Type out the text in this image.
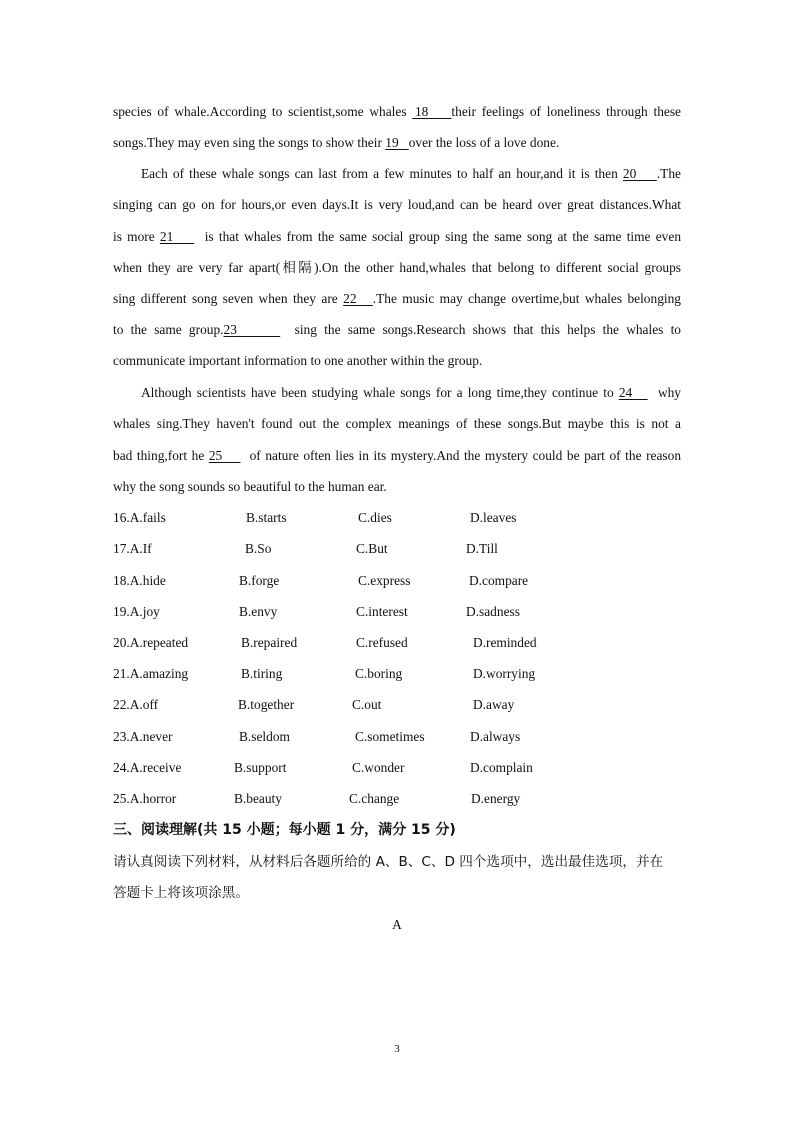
species of whale.According to scientist,some whales  18 their feelings of loneliness through these
songs.They may even sing the songs to show their 19 over the loss of a love done.
Each of these whale songs can last from a few minutes to half an hour,and it is then 20 .The
singing can go on for hours,or even days.It is very loud,and can be heard over great distances.What
is more 21 is that whales from the same social group sing the same song at the same time even
when they are very far apart(相隔).On the other hand,whales that belong to different social groups
sing different song seven when they are 22 .The music may change overtime,but whales belonging
to the same group.23	sing the same songs.Research shows that this helps the whales to
communicate important information to one another within the group.
Although scientists have been studying whale songs for a long time,they continue to 24 why
whales sing.They haven't found out the complex meanings of these songs.But maybe this is not a
bad thing,fort he 25 of nature often lies in its mystery.And the mystery could be part of the reason
why the song sounds so beautiful to the human ear.
16.A.fails	B.starts	C.dies	D.leaves
17.A.If	B.So	C.But	D.Till
18.A.hide	B.forge	C.express	D.compare
19.A.joy	B.envy	C.interest	D.sadness
20.A.repeated	B.repaired	C.refused	D.reminded
21.A.amazing	B.tiring	C.boring	D.worrying
22.A.off	B.together	C.out	D.away
23.A.never	B.seldom	C.sometimes	D.always
24.A.receive	B.support	C.wonder	D.complain
25.A.horror	B.beauty	C.change	D.energy
三、阅读理解(共 15 小题；每小题 1 分，满分 15 分)
请认真阅读下列材料，从材料后各题所给的 A、B、C、D 四个选项中，选出最佳选项，并在
答题卡上将该项涂黑。
A
3
